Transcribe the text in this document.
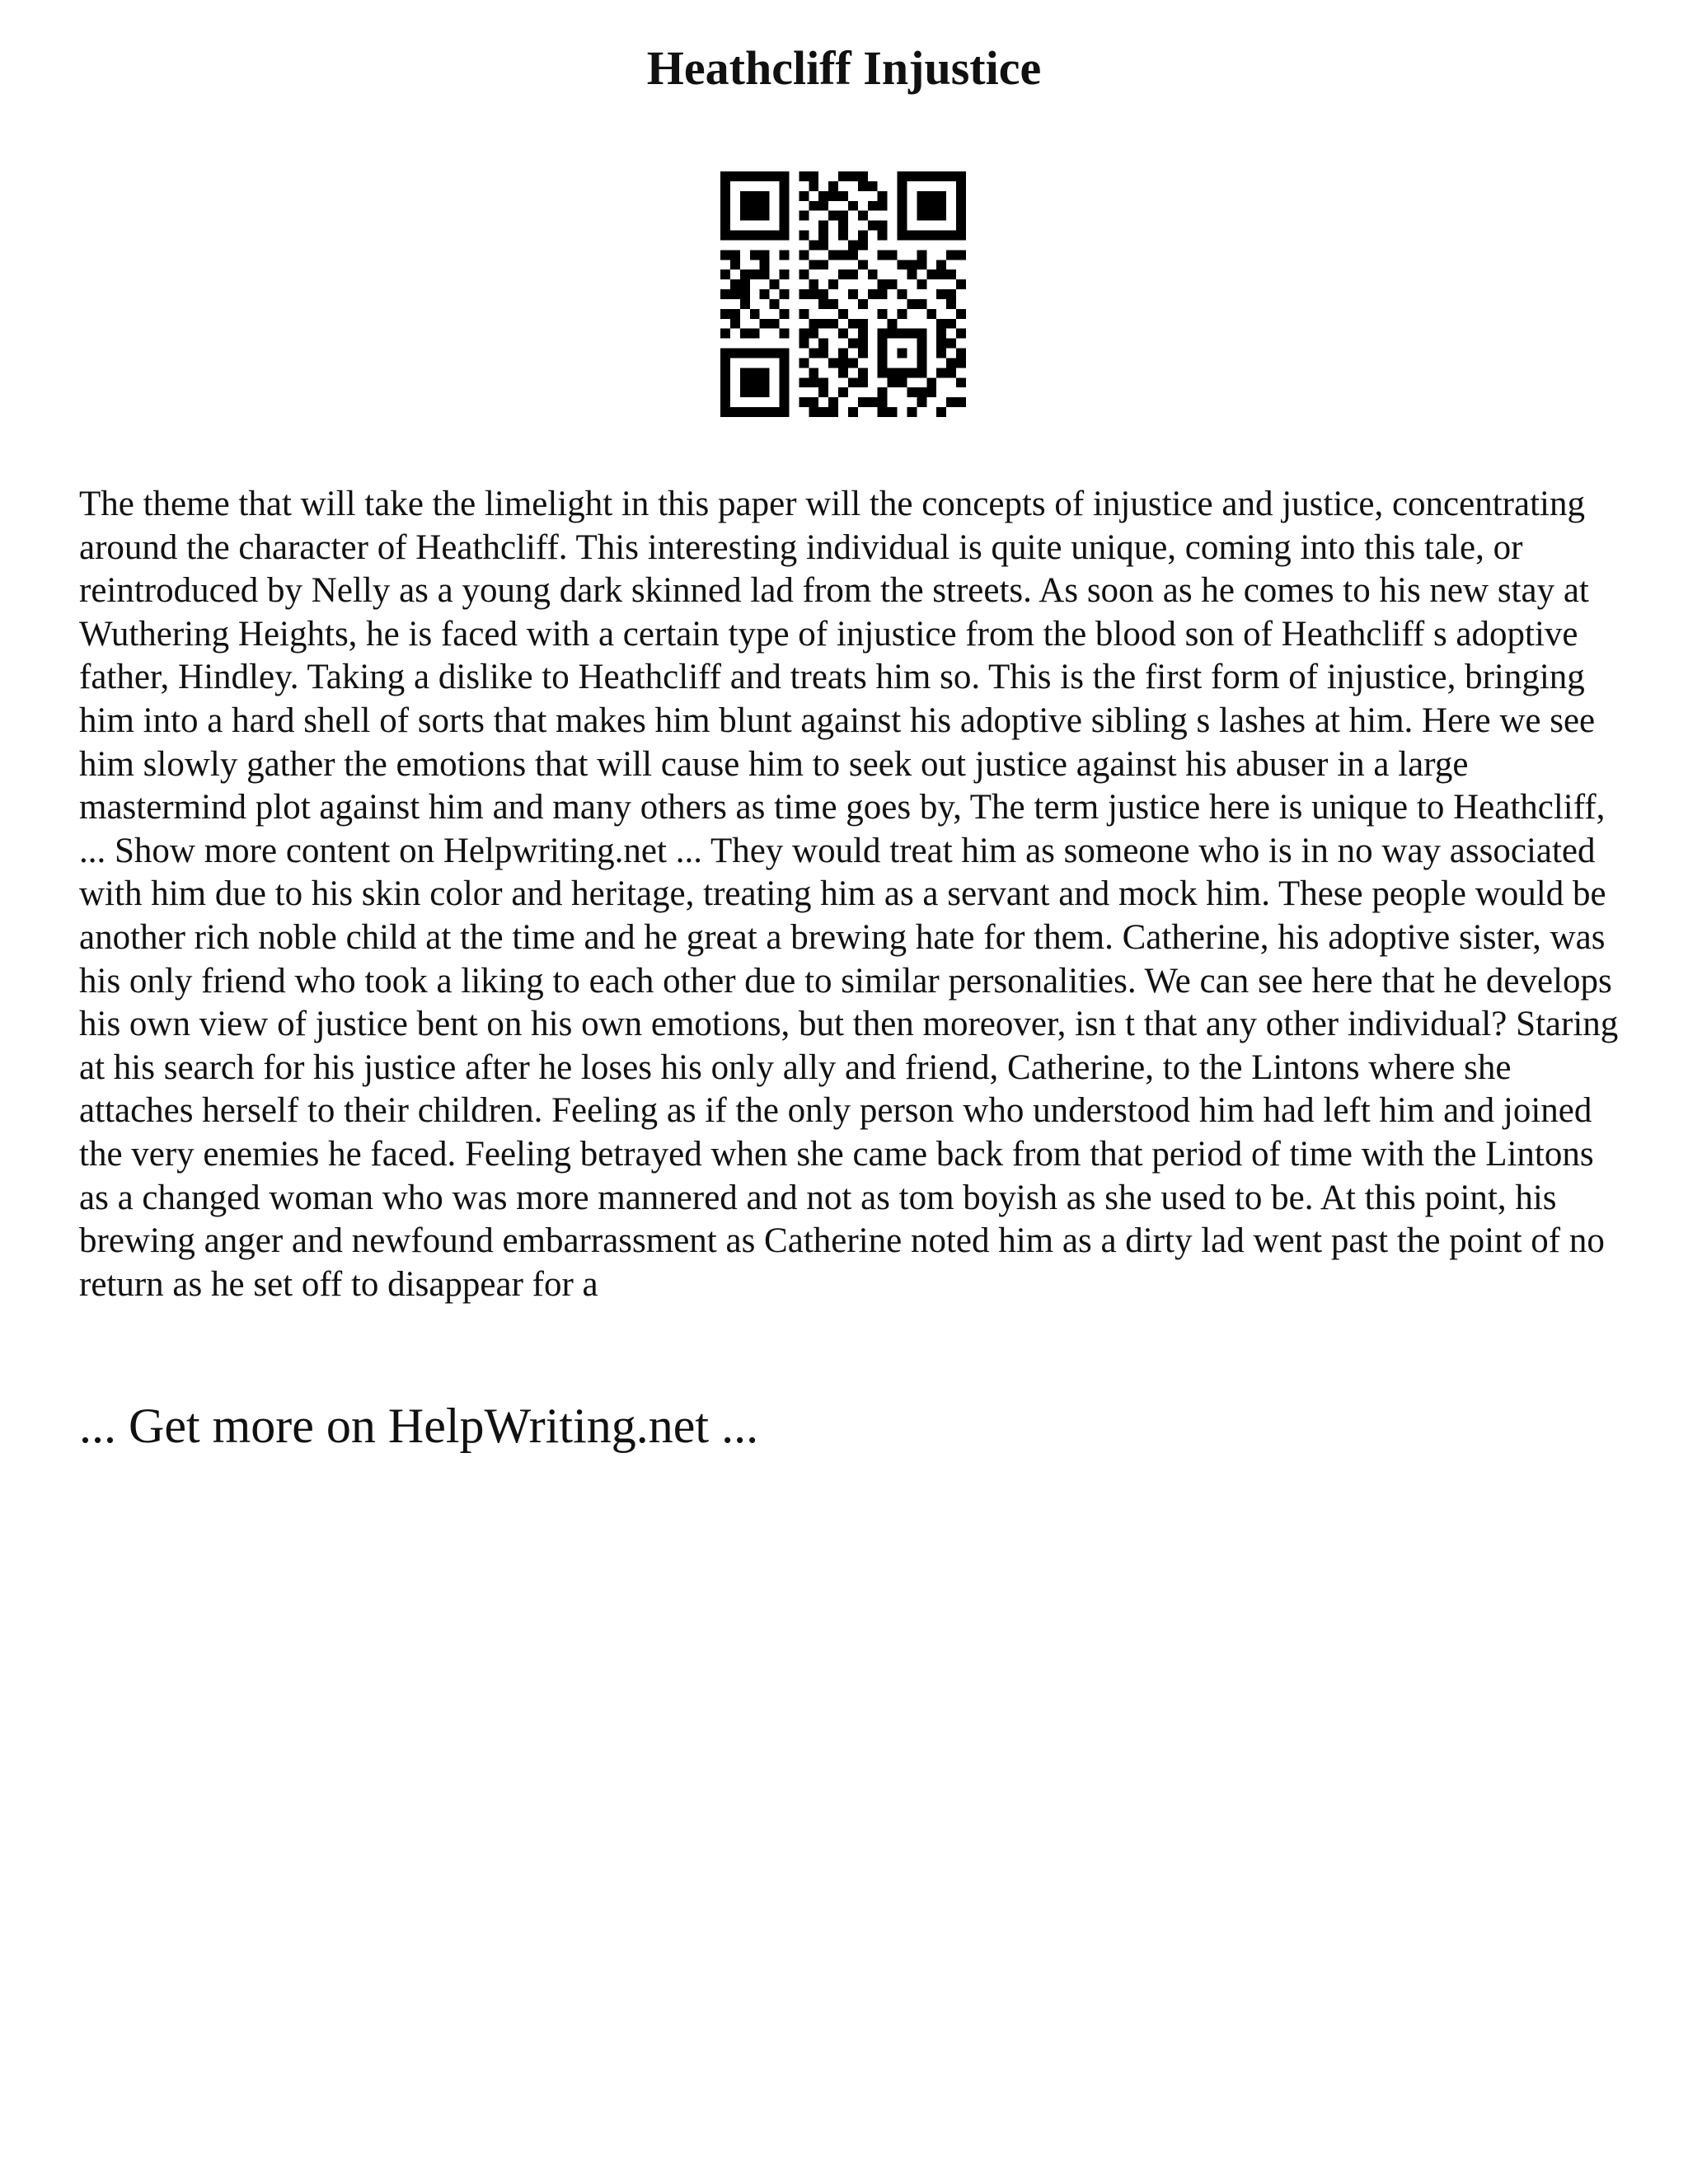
Heathcliff Injustice

The theme that will take the limelight in this paper will the concepts of injustice and justice, concentrating around the character of Heathcliff. This interesting individual is quite unique, coming into this tale, or reintroduced by Nelly as a young dark skinned lad from the streets. As soon as he comes to his new stay at Wuthering Heights, he is faced with a certain type of injustice from the blood son of Heathcliff s adoptive father, Hindley. Taking a dislike to Heathcliff and treats him so. This is the first form of injustice, bringing him into a hard shell of sorts that makes him blunt against his adoptive sibling s lashes at him. Here we see him slowly gather the emotions that will cause him to seek out justice against his abuser in a large mastermind plot against him and many others as time goes by, The term justice here is unique to Heathcliff, ... Show more content on Helpwriting.net ... They would treat him as someone who is in no way associated with him due to his skin color and heritage, treating him as a servant and mock him. These people would be another rich noble child at the time and he great a brewing hate for them. Catherine, his adoptive sister, was his only friend who took a liking to each other due to similar personalities. We can see here that he develops his own view of justice bent on his own emotions, but then moreover, isn t that any other individual? Staring at his search for his justice after he loses his only ally and friend, Catherine, to the Lintons where she attaches herself to their children. Feeling as if the only person who understood him had left him and joined the very enemies he faced. Feeling betrayed when she came back from that period of time with the Lintons as a changed woman who was more mannered and not as tom boyish as she used to be. At this point, his brewing anger and newfound embarrassment as Catherine noted him as a dirty lad went past the point of no return as he set off to disappear for a

... Get more on HelpWriting.net ...
